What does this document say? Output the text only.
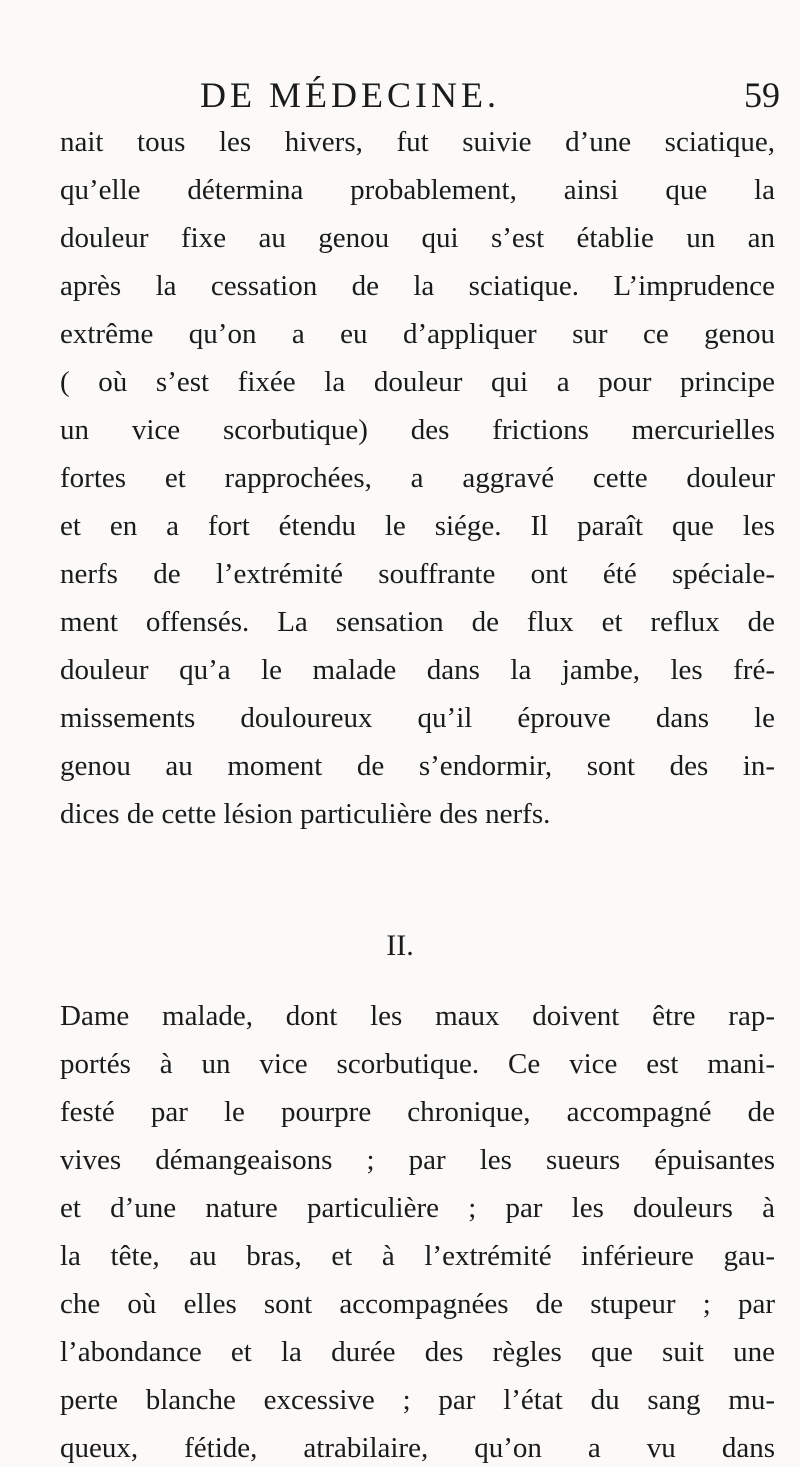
DE MÉDECINE.	59
nait tous les hivers, fut suivie d’une sciatique,
qu’elle détermina probablement, ainsi que la
douleur fixe au genou qui s’est établie un an
après la cessation de la sciatique. L’imprudence
extrême qu’on a eu d’appliquer sur ce genou
( où s’est fixée la douleur qui a pour principe
un vice scorbutique) des frictions mercurielles
fortes et rapprochées, a aggravé cette douleur
et en a fort étendu le siége. Il paraît que les
nerfs de l’extrémité souffrante ont été spéciale-
ment offensés. La sensation de flux et reflux de
douleur qu’a le malade dans la jambe, les fré-
missements douloureux qu’il éprouve dans le
genou au moment de s’endormir, sont des in-
dices de cette lésion particulière des nerfs.
II.
Dame malade, dont les maux doivent être rap-
portés à un vice scorbutique. Ce vice est mani-
festé par le pourpre chronique, accompagné de
vives démangeaisons ; par les sueurs épuisantes
et d’une nature particulière ; par les douleurs à
la tête, au bras, et à l’extrémité inférieure gau-
che où elles sont accompagnées de stupeur ; par
l’abondance et la durée des règles que suit une
perte blanche excessive ; par l’état du sang mu-
queux, fétide, atrabilaire, qu’on a vu dans
